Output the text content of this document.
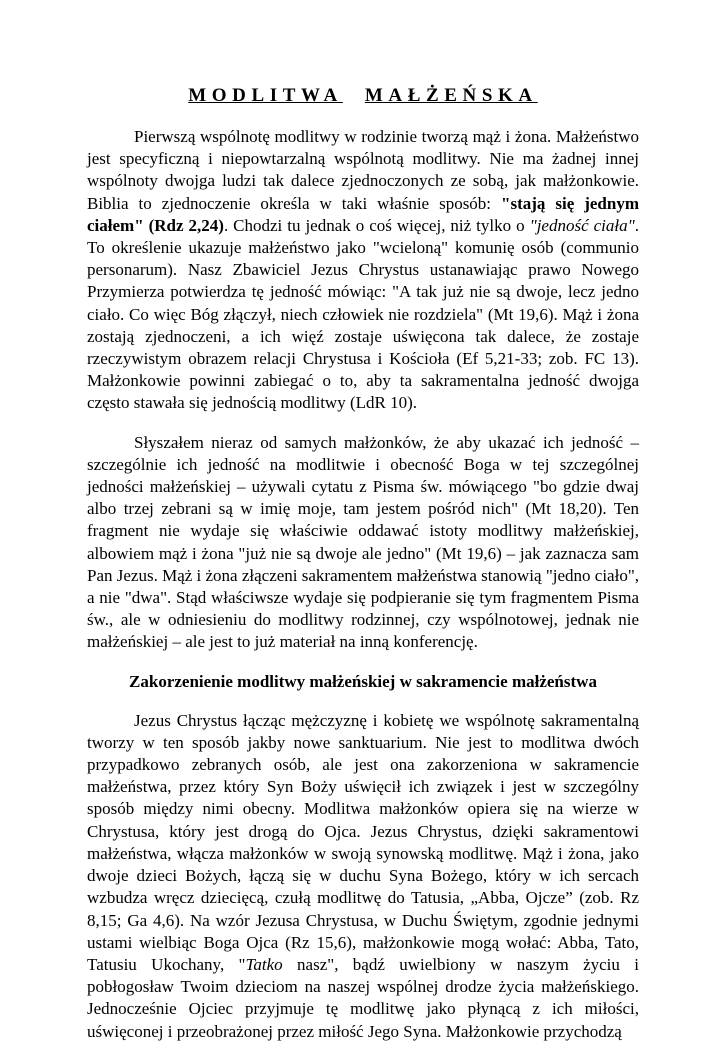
MODLITWA MAŁŻEŃSKA

Pierwszą wspólnotę modlitwy w rodzinie tworzą mąż i żona. Małżeństwo jest specyficzną i niepowtarzalną wspólnotą modlitwy. Nie ma żadnej innej wspólnoty dwojga ludzi tak dalece zjednoczonych ze sobą, jak małżonkowie. Biblia to zjednoczenie określa w taki właśnie sposób: "stają się jednym ciałem" (Rdz 2,24). Chodzi tu jednak o coś więcej, niż tylko o "jedność ciała". To określenie ukazuje małżeństwo jako "wcieloną" komunię osób (communio personarum). Nasz Zbawiciel Jezus Chrystus ustanawiając prawo Nowego Przymierza potwierdza tę jedność mówiąc: "A tak już nie są dwoje, lecz jedno ciało. Co więc Bóg złączył, niech człowiek nie rozdziela" (Mt 19,6). Mąż i żona zostają zjednoczeni, a ich więź zostaje uświęcona tak dalece, że zostaje rzeczywistym obrazem relacji Chrystusa i Kościoła (Ef 5,21-33; zob. FC 13). Małżonkowie powinni zabiegać o to, aby ta sakramentalna jedność dwojga często stawała się jednością modlitwy (LdR 10).

Słyszałem nieraz od samych małżonków, że aby ukazać ich jedność – szczególnie ich jedność na modlitwie i obecność Boga w tej szczególnej jedności małżeńskiej – używali cytatu z Pisma św. mówiącego "bo gdzie dwaj albo trzej zebrani są w imię moje, tam jestem pośród nich" (Mt 18,20). Ten fragment nie wydaje się właściwie oddawać istoty modlitwy małżeńskiej, albowiem mąż i żona "już nie są dwoje ale jedno" (Mt 19,6) – jak zaznacza sam Pan Jezus. Mąż i żona złączeni sakramentem małżeństwa stanowią "jedno ciało", a nie "dwa". Stąd właściwsze wydaje się podpieranie się tym fragmentem Pisma św., ale w odniesieniu do modlitwy rodzinnej, czy wspólnotowej, jednak nie małżeńskiej – ale jest to już materiał na inną konferencję.

Zakorzenienie modlitwy małżeńskiej w sakramencie małżeństwa

Jezus Chrystus łącząc mężczyznę i kobietę we wspólnotę sakramentalną tworzy w ten sposób jakby nowe sanktuarium. Nie jest to modlitwa dwóch przypadkowo zebranych osób, ale jest ona zakorzeniona w sakramencie małżeństwa, przez który Syn Boży uświęcił ich związek i jest w szczególny sposób między nimi obecny. Modlitwa małżonków opiera się na wierze w Chrystusa, który jest drogą do Ojca. Jezus Chrystus, dzięki sakramentowi małżeństwa, włącza małżonków w swoją synowską modlitwę. Mąż i żona, jako dwoje dzieci Bożych, łączą się w duchu Syna Bożego, który w ich sercach wzbudza wręcz dziecięcą, czułą modlitwę do Tatusia, „Abba, Ojcze” (zob. Rz 8,15; Ga 4,6). Na wzór Jezusa Chrystusa, w Duchu Świętym, zgodnie jednymi ustami wielbiąc Boga Ojca (Rz 15,6), małżonkowie mogą wołać: Abba, Tato, Tatusiu Ukochany, "Tatko nasz", bądź uwielbiony w naszym życiu i pobłogosław Twoim dzieciom na naszej wspólnej drodze życia małżeńskiego. Jednocześnie Ojciec przyjmuje tę modlitwę jako płynącą z ich miłości, uświęconej i przeobrażonej przez miłość Jego Syna. Małżonkowie przychodzą
